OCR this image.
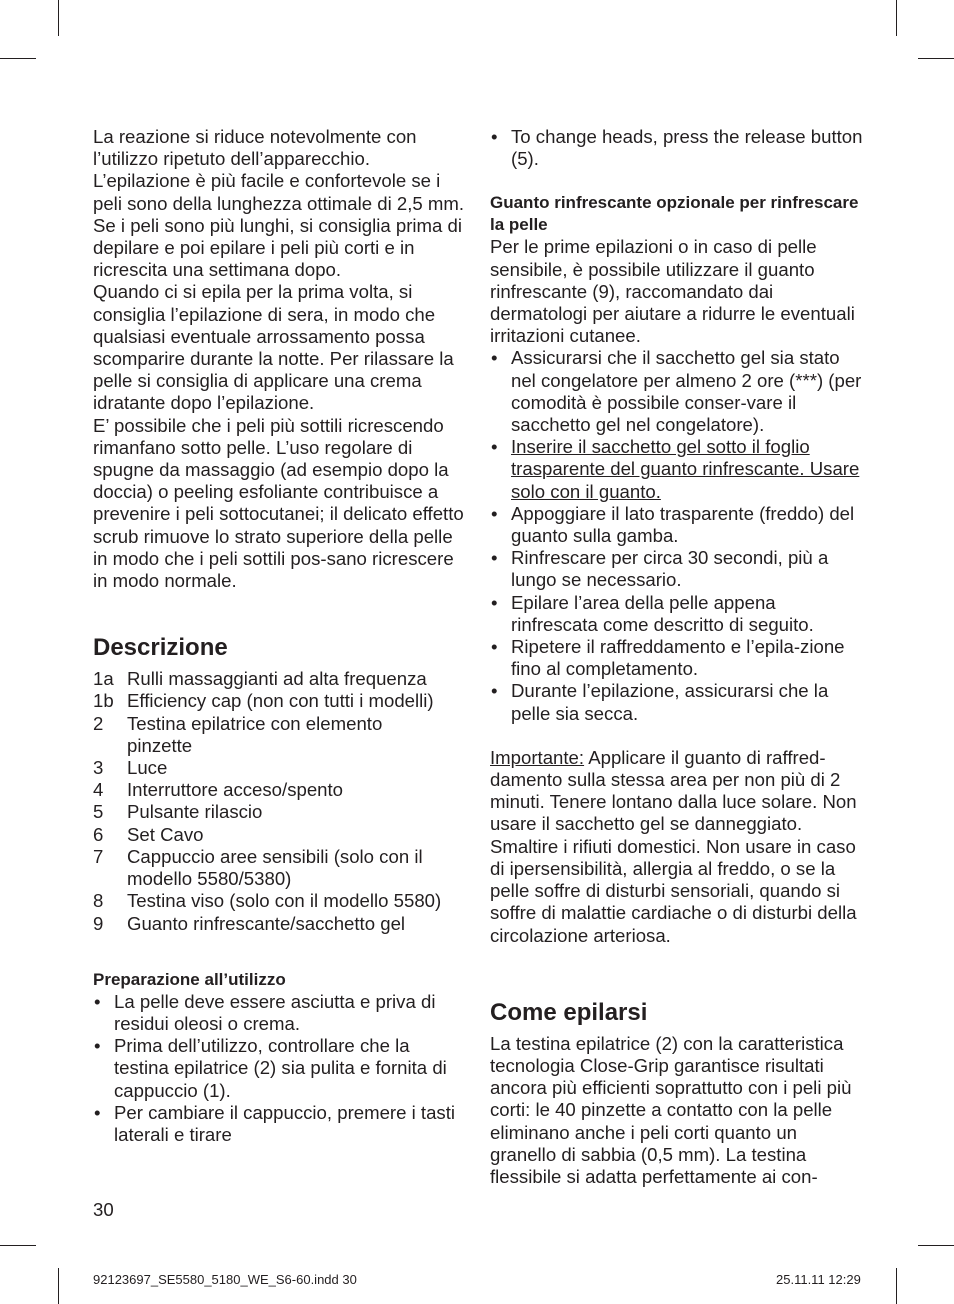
La reazione si riduce notevolmente con l’utilizzo ripetuto dell’apparecchio. L’epilazione è più facile e confortevole se i peli sono della lunghezza ottimale di 2,5 mm. Se i peli sono più lunghi, si consiglia prima di depilare e poi epilare i peli più corti e in ricrescita una settimana dopo.

Quando ci si epila per la prima volta, si consiglia l’epilazione di sera, in modo che qualsiasi eventuale arrossamento possa scomparire durante la notte. Per rilassare la pelle si consiglia di applicare una crema idratante dopo l’epilazione.

E’ possibile che i peli più sottili ricrescendo rimanfano sotto pelle. L’uso regolare di spugne da massaggio (ad esempio dopo la doccia) o peeling esfoliante contribuisce a prevenire i peli sottocutanei; il delicato effetto scrub rimuove lo strato superiore della pelle in modo che i peli sottili pos-sano ricrescere in modo normale.

Descrizione
1a	Rulli massaggianti ad alta frequenza
1b	Efficiency cap (non con tutti i modelli)
2	Testina epilatrice con elemento pinzette
3	Luce
4	Interruttore acceso/spento
5	Pulsante rilascio
6	Set Cavo
7	Cappuccio aree sensibili (solo con il modello 5580/5380)
8	Testina viso (solo con il modello 5580)
9	Guanto rinfrescante/sacchetto gel
Preparazione all’utilizzo
• La pelle deve essere asciutta e priva di residui oleosi o crema.
• Prima dell’utilizzo, controllare che la testina epilatrice (2) sia pulita e fornita di cappuccio (1).
• Per cambiare il cappuccio, premere i tasti laterali e tirare
• To change heads, press the release button (5).
Guanto rinfrescante opzionale per rinfrescare la pelle

Per le prime epilazioni o in caso di pelle sensibile, è possibile utilizzare il guanto rinfrescante (9), raccomandato dai dermatologi per aiutare a ridurre le eventuali irritazioni cutanee.

• Assicurarsi che il sacchetto gel sia stato nel congelatore per almeno 2 ore (***) (per comodità è possibile conser-vare il sacchetto gel nel congelatore).
• Inserire il sacchetto gel sotto il foglio trasparente del guanto rinfrescante. Usare solo con il guanto.
• Appoggiare il lato trasparente (freddo) del guanto sulla gamba.
• Rinfrescare per circa 30 secondi, più a lungo se necessario.
• Epilare l’area della pelle appena rinfrescata come descritto di seguito.
• Ripetere il raffreddamento e l’epila-zione fino al completamento.
• Durante l’epilazione, assicurarsi che la pelle sia secca.

Importante: Applicare il guanto di raffred-damento sulla stessa area per non più di 2 minuti. Tenere lontano dalla luce solare. Non usare il sacchetto gel se danneggiato. Smaltire i rifiuti domestici. Non usare in caso di ipersensibilità, allergia al freddo, o se la pelle soffre di disturbi sensoriali, quando si soffre di malattie cardiache o di disturbi della circolazione arteriosa.

Come epilarsi

La testina epilatrice (2) con la caratteristica tecnologia Close-Grip garantisce risultati ancora più efficienti soprattutto con i peli più corti: le 40 pinzette a contatto con la pelle eliminano anche i peli corti quanto un granello di sabbia (0,5 mm). La testina flessibile si adatta perfettamente ai con-

30
92123697_SE5580_5180_WE_S6-60.indd 30	25.11.11 12:29
